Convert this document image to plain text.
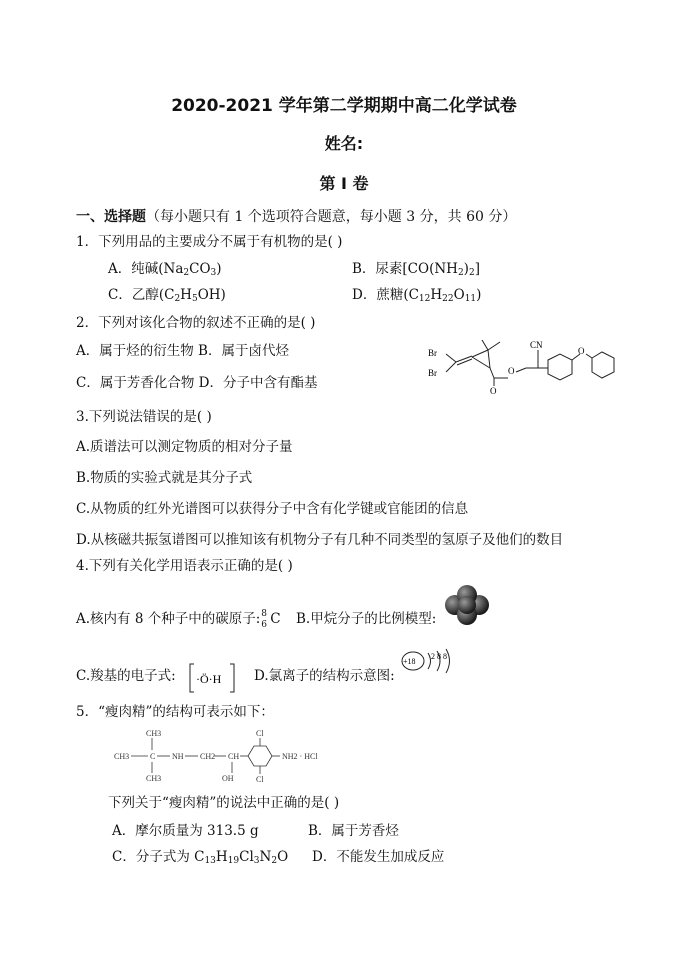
2020-2021 学年第二学期期中高二化学试卷
姓名:
第 I 卷
一、选择题（每小题只有 1 个选项符合题意，每小题 3 分，共 60 分）
1．下列用品的主要成分不属于有机物的是( )
A．纯碱$(Na_2CO_3)$	B．尿素$[CO(NH_2)_2]$
C．乙醇$(C_2H_5OH)$	D．蔗糖$(C_{12}H_{22}O_{11})$
2．下列对该化合物的叙述不正确的是( )
A．属于烃的衍生物 B．属于卤代烃
C．属于芳香化合物 D．分子中含有酯基
Br
Br
O
O
CN
O
3.下列说法错误的是( )
A.质谱法可以测定物质的相对分子量
B.物质的实验式就是其分子式
C.从物质的红外光谱图可以获得分子中含有化学键或官能团的信息
D.从核磁共振氢谱图可以推知该有机物分子有几种不同类型的氢原子及他们的数目
4.下列有关化学用语表示正确的是( )
A.核内有 8 个种子中的碳原子: 8
6 C B.甲烷分子的比例模型:
C.羧基的电子式: ·Ö·H D.氯离子的结构示意图:
+18
2 8 8
5．“瘦肉精”的结构可表示如下：
CH3
CH3	C
CH3
NH CH2 CH
OH
Cl
Cl
NH2 · HCl
下列关于“瘦肉精”的说法中正确的是( )
A．摩尔质量为 313.5 g	B．属于芳香烃
C．分子式为 $C_{13}H_{19}Cl_3N_2O$ D．不能发生加成反应
